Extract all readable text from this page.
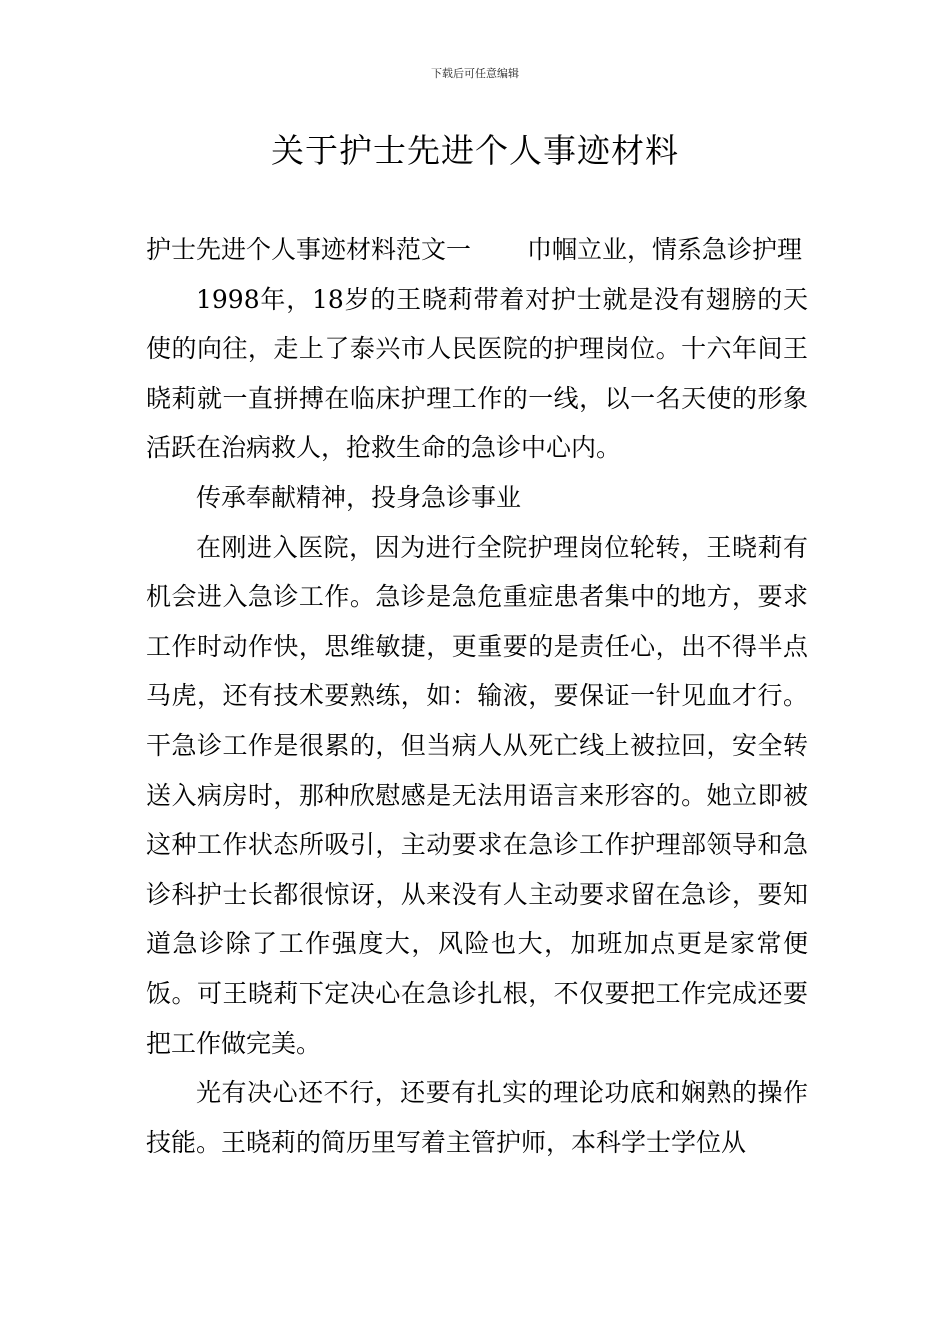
下载后可任意编辑
关于护士先进个人事迹材料

护士先进个人事迹材料范文一 巾帼立业，情系急诊护理

1998年，18岁的王晓莉带着对护士就是没有翅膀的天使的向往，走上了泰兴市人民医院的护理岗位。十六年间王晓莉就一直拼搏在临床护理工作的一线，以一名天使的形象活跃在治病救人，抢救生命的急诊中心内。

传承奉献精神，投身急诊事业

在刚进入医院，因为进行全院护理岗位轮转，王晓莉有机会进入急诊工作。急诊是急危重症患者集中的地方，要求工作时动作快，思维敏捷，更重要的是责任心，出不得半点马虎，还有技术要熟练，如：输液，要保证一针见血才行。干急诊工作是很累的，但当病人从死亡线上被拉回，安全转送入病房时，那种欣慰感是无法用语言来形容的。她立即被这种工作状态所吸引，主动要求在急诊工作护理部领导和急诊科护士长都很惊讶，从来没有人主动要求留在急诊，要知道急诊除了工作强度大，风险也大，加班加点更是家常便饭。可王晓莉下定决心在急诊扎根，不仅要把工作完成还要把工作做完美。

光有决心还不行，还要有扎实的理论功底和娴熟的操作技能。王晓莉的简历里写着主管护师，本科学士学位从
